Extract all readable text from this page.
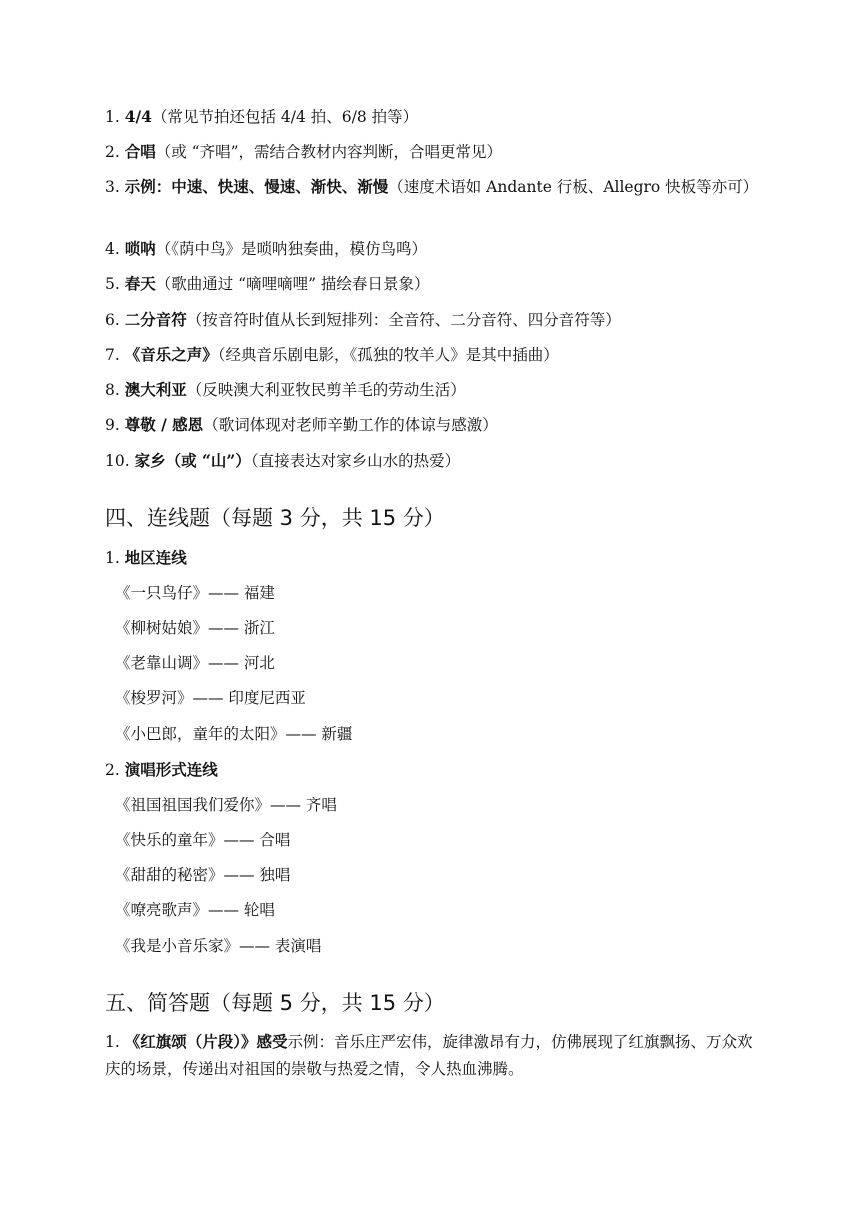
1. 4/4（常见节拍还包括 4/4 拍、6/8 拍等）
2. 合唱（或 “齐唱”，需结合教材内容判断，合唱更常见）
3. 示例：中速、快速、慢速、渐快、渐慢（速度术语如 Andante 行板、Allegro 快板等亦可）
4. 唢呐（《荫中鸟》是唢呐独奏曲，模仿鸟鸣）
5. 春天（歌曲通过 “嘀哩嘀哩” 描绘春日景象）
6. 二分音符（按音符时值从长到短排列：全音符、二分音符、四分音符等）
7. 《音乐之声》（经典音乐剧电影，《孤独的牧羊人》是其中插曲）
8. 澳大利亚（反映澳大利亚牧民剪羊毛的劳动生活）
9. 尊敬 / 感恩（歌词体现对老师辛勤工作的体谅与感激）
10. 家乡（或 “山”）（直接表达对家乡山水的热爱）
四、连线题（每题 3 分，共 15 分）
1. 地区连线
《一只鸟仔》—— 福建
《柳树姑娘》—— 浙江
《老靠山调》—— 河北
《梭罗河》—— 印度尼西亚
《小巴郎，童年的太阳》—— 新疆
2. 演唱形式连线
《祖国祖国我们爱你》—— 齐唱
《快乐的童年》—— 合唱
《甜甜的秘密》—— 独唱
《嘹亮歌声》—— 轮唱
《我是小音乐家》—— 表演唱
五、简答题（每题 5 分，共 15 分）
1. 《红旗颂（片段）》感受示例：音乐庄严宏伟，旋律激昂有力，仿佛展现了红旗飘扬、万众欢庆的场景，传递出对祖国的崇敬与热爱之情，令人热血沸腾。
